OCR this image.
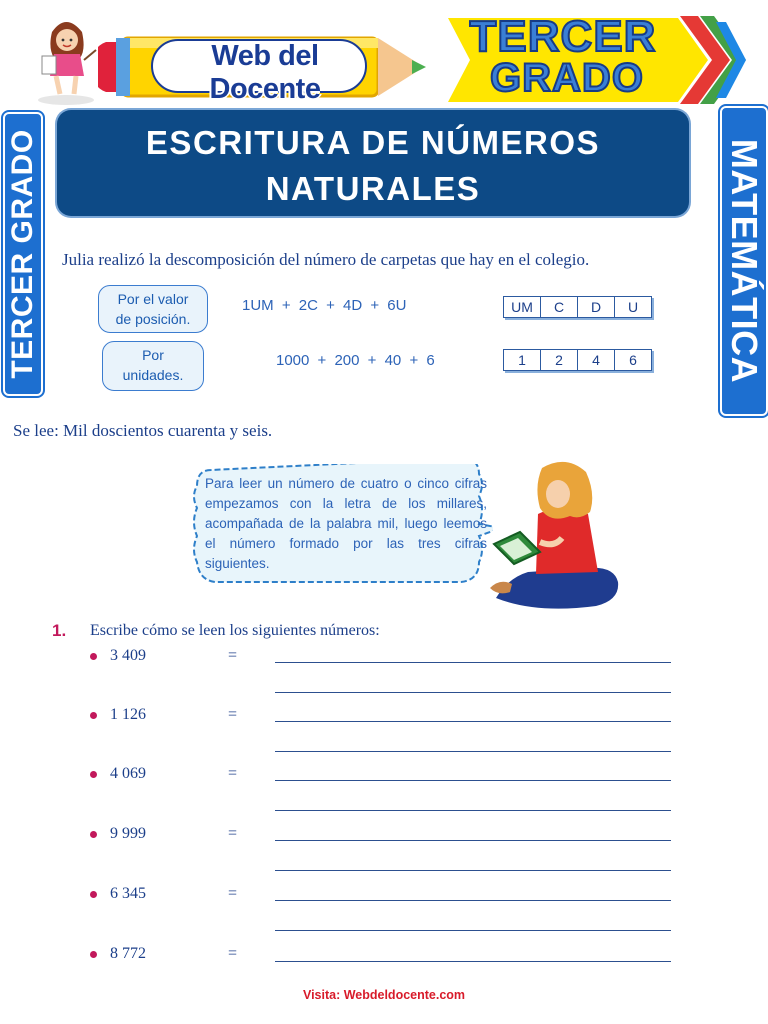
Web del Docente
TERCER
GRADO
TERCER GRADO	MATEMÁTICA
ESCRITURA DE NÚMEROS
NATURALES
Julia realizó la descomposición del número de carpetas que hay en el colegio.
Por el valor
de posición.
1UM + 2C + 4D + 6U	UM	C	D	U
Por
unidades.
1000 + 200 + 40 + 6	1	2	4	6
Se lee: Mil doscientos cuarenta y seis.
Para leer un número de cuatro o cinco cifras empezamos con la letra de los millares, acompañada de la palabra mil, luego leemos el número formado por las tres cifras siguientes.
1. Escribe cómo se leen los siguientes números:
3 409	=
1 126	=
4 069	=
9 999	=
6 345	=
8 772	=
Visita: Webdeldocente.com
